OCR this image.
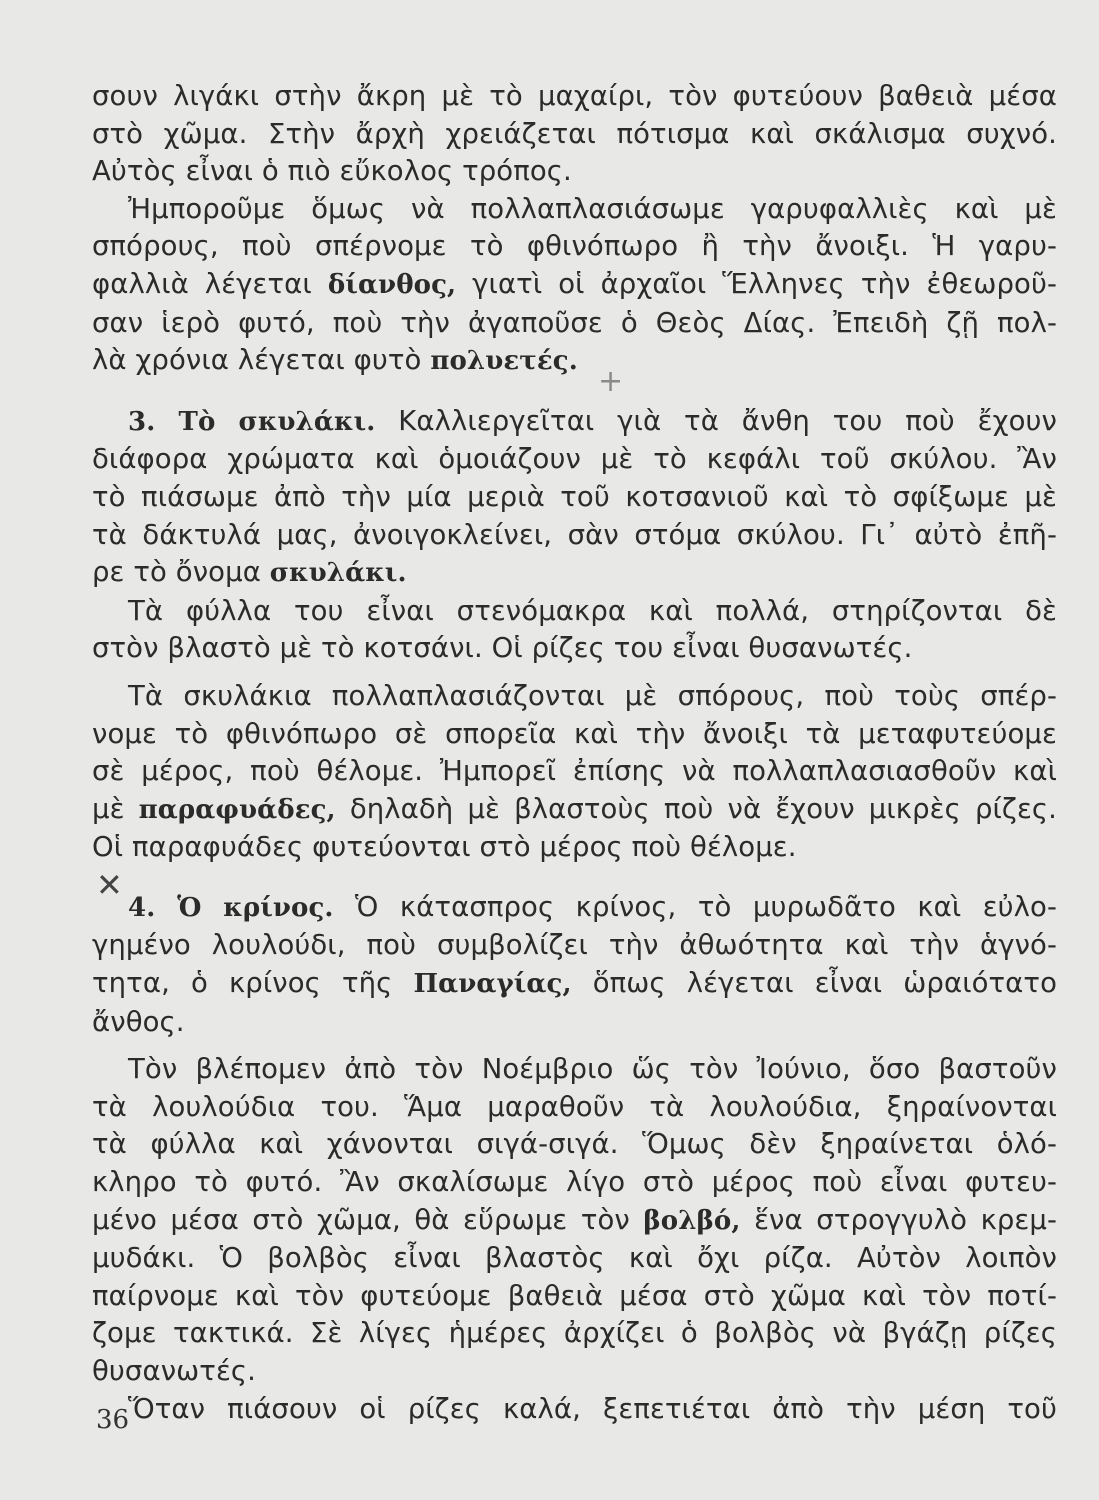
σουν λιγάκι στὴν ἄκρη μὲ τὸ μαχαίρι, τὸν φυτεύουν βαθειὰ μέσα
στὸ χῶμα. Στὴν ἄρχὴ χρειάζεται πότισμα καὶ σκάλισμα συχνό.
Αὐτὸς εἶναι ὁ πιὸ εὔκολος τρόπος.
Ἠμποροῦμε ὅμως νὰ πολλαπλασιάσωμε γαρυφαλλιὲς καὶ μὲ
σπόρους, ποὺ σπέρνομε τὸ φθινόπωρο ἢ τὴν ἄνοιξι. Ἡ γαρυ-
φαλλιὰ λέγεται δίανθος, γιατὶ οἱ ἀρχαῖοι Ἕλληνες τὴν ἐθεωροῦ-
σαν ἱερὸ φυτό, ποὺ τὴν ἀγαποῦσε ὁ Θεὸς Δίας. Ἐπειδὴ ζῇ πολ-
λὰ χρόνια λέγεται φυτὸ πολυετές.
3. Τὸ σκυλάκι. Καλλιεργεῖται γιὰ τὰ ἄνθη του ποὺ ἔχουν
διάφορα χρώματα καὶ ὁμοιάζουν μὲ τὸ κεφάλι τοῦ σκύλου. Ἂν
τὸ πιάσωμε ἀπὸ τὴν μία μεριὰ τοῦ κοτσανιοῦ καὶ τὸ σφίξωμε μὲ
τὰ δάκτυλά μας, ἀνοιγοκλείνει, σὰν στόμα σκύλου. Γι᾽ αὐτὸ ἐπῆ-
ρε τὸ ὄνομα σκυλάκι.
Τὰ φύλλα του εἶναι στενόμακρα καὶ πολλά, στηρίζονται δὲ
στὸν βλαστὸ μὲ τὸ κοτσάνι. Οἱ ρίζες του εἶναι θυσανωτές.
Τὰ σκυλάκια πολλαπλασιάζονται μὲ σπόρους, ποὺ τοὺς σπέρ-
νομε τὸ φθινόπωρο σὲ σπορεῖα καὶ τὴν ἄνοιξι τὰ μεταφυτεύομε
σὲ μέρος, ποὺ θέλομε. Ἠμπορεῖ ἐπίσης νὰ πολλαπλασιασθοῦν καὶ
μὲ παραφυάδες, δηλαδὴ μὲ βλαστοὺς ποὺ νὰ ἔχουν μικρὲς ρίζες.
Οἱ παραφυάδες φυτεύονται στὸ μέρος ποὺ θέλομε.
4. Ὁ κρίνος. Ὁ κάτασπρος κρίνος, τὸ μυρωδᾶτο καὶ εὐλο-
γημένο λουλούδι, ποὺ συμβολίζει τὴν ἀθωότητα καὶ τὴν ἁγνό-
τητα, ὁ κρίνος τῆς Παναγίας, ὅπως λέγεται εἶναι ὡραιότατο
ἄνθος.
Τὸν βλέπομεν ἀπὸ τὸν Νοέμβριο ὥς τὸν Ἰούνιο, ὅσο βαστοῦν
τὰ λουλούδια του. Ἅμα μαραθοῦν τὰ λουλούδια, ξηραίνονται
τὰ φύλλα καὶ χάνονται σιγά-σιγά. Ὅμως δὲν ξηραίνεται ὁλό-
κληρο τὸ φυτό. Ἂν σκαλίσωμε λίγο στὸ μέρος ποὺ εἶναι φυτευ-
μένο μέσα στὸ χῶμα, θὰ εὕρωμε τὸν βολβό, ἕνα στρογγυλὸ κρεμ-
μυδάκι. Ὁ βολβὸς εἶναι βλαστὸς καὶ ὄχι ρίζα. Αὐτὸν λοιπὸν
παίρνομε καὶ τὸν φυτεύομε βαθειὰ μέσα στὸ χῶμα καὶ τὸν ποτί-
ζομε τακτικά. Σὲ λίγες ἡμέρες ἀρχίζει ὁ βολβὸς νὰ βγάζῃ ρίζες
θυσανωτές.
Ὅταν πιάσουν οἱ ρίζες καλά, ξεπετιέται ἀπὸ τὴν μέση τοῦ
+
✕
36
